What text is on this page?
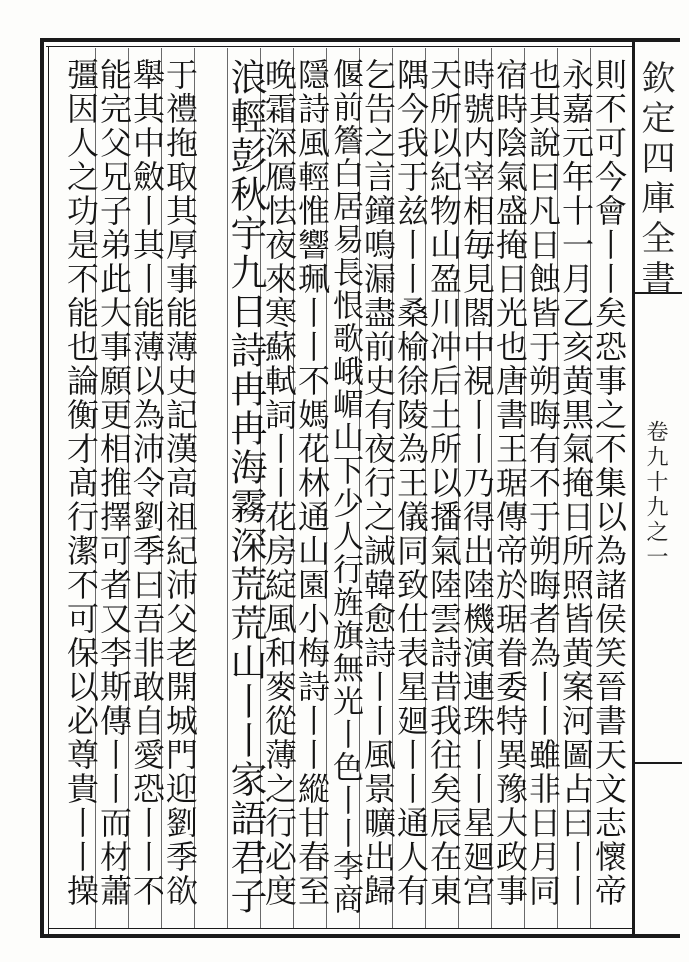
欽定四庫全書
卷九十九之一
則不可今會丨丨矣恐事之不集以為諸侯笑晉書天文志懷帝
永嘉元年十一月乙亥黄黒氣掩日所照皆黄案河圖占曰丨丨
也其說曰凡日蝕皆于朔晦有不于朔晦者為丨丨雖非日月同
宿時陰氣盛掩日光也唐書王琚傳帝於琚眷委特異豫大政事
時號内宰相毎見閤中視丨丨乃得出陸機演連珠丨丨星廻宫
天所以紀物山盈川冲后土所以播氣陸雲詩昔我往矣辰在東
隅今我于兹丨丨桑榆徐陵為王儀同致仕表星廻丨丨通人有
乞告之言鐘鳴漏盡前史有夜行之誡韓愈詩丨丨風景曠出歸
偃前簷白居易長恨歌峨嵋山下少人行旌旗無光丨色丨丨李商
隱詩風輕惟響珮丨丨不媽花林通山園小梅詩丨丨縱甘春至
晚霜深鴈怯夜來寒蘇軾詞丨丨花房綻風和麥從薄之行必度
浪輕彭秋宇九日詩冉冉海霧深荒荒山丨丨家語君子
于禮拖取其厚事能薄史記漢高祖紀沛父老開城門迎劉季欲
舉其中斂丨其丨能薄以為沛令劉季曰吾非敢自愛恐丨丨不
能完父兄子弟此大事願更相推擇可者又李斯傳丨丨而材蕭
彊因人之功是不能也論衡才髙行潔不可保以必尊貴丨丨操
